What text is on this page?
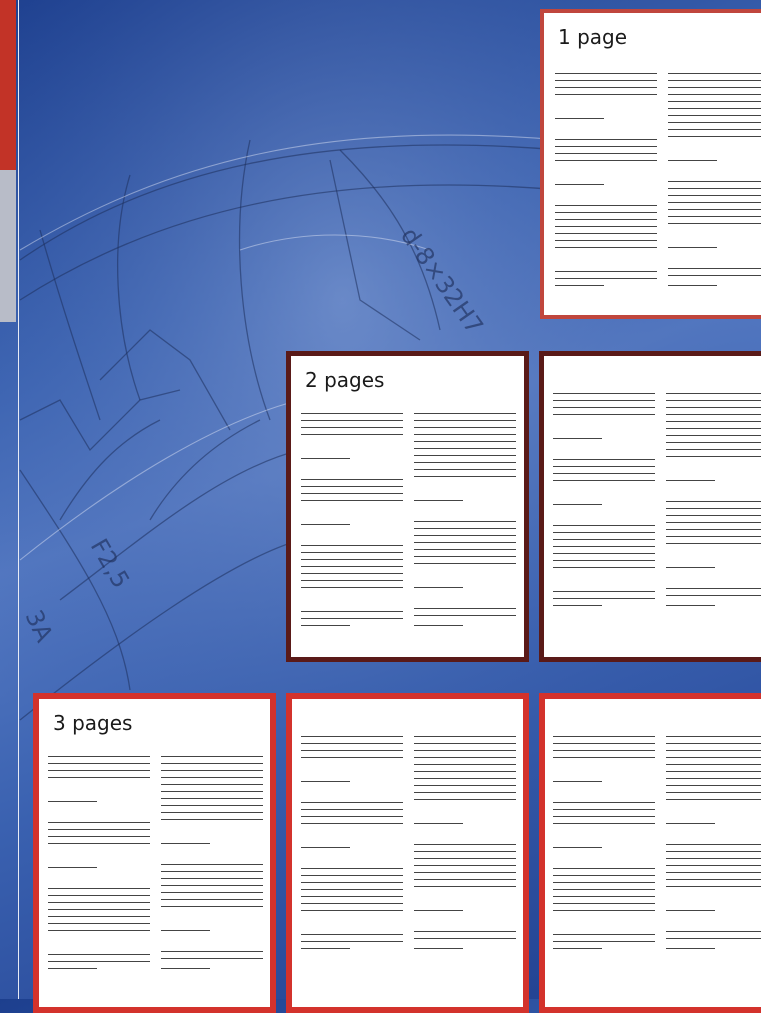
d-8×32H7
F2,5
3A
1 page
2 pages
3 pages
